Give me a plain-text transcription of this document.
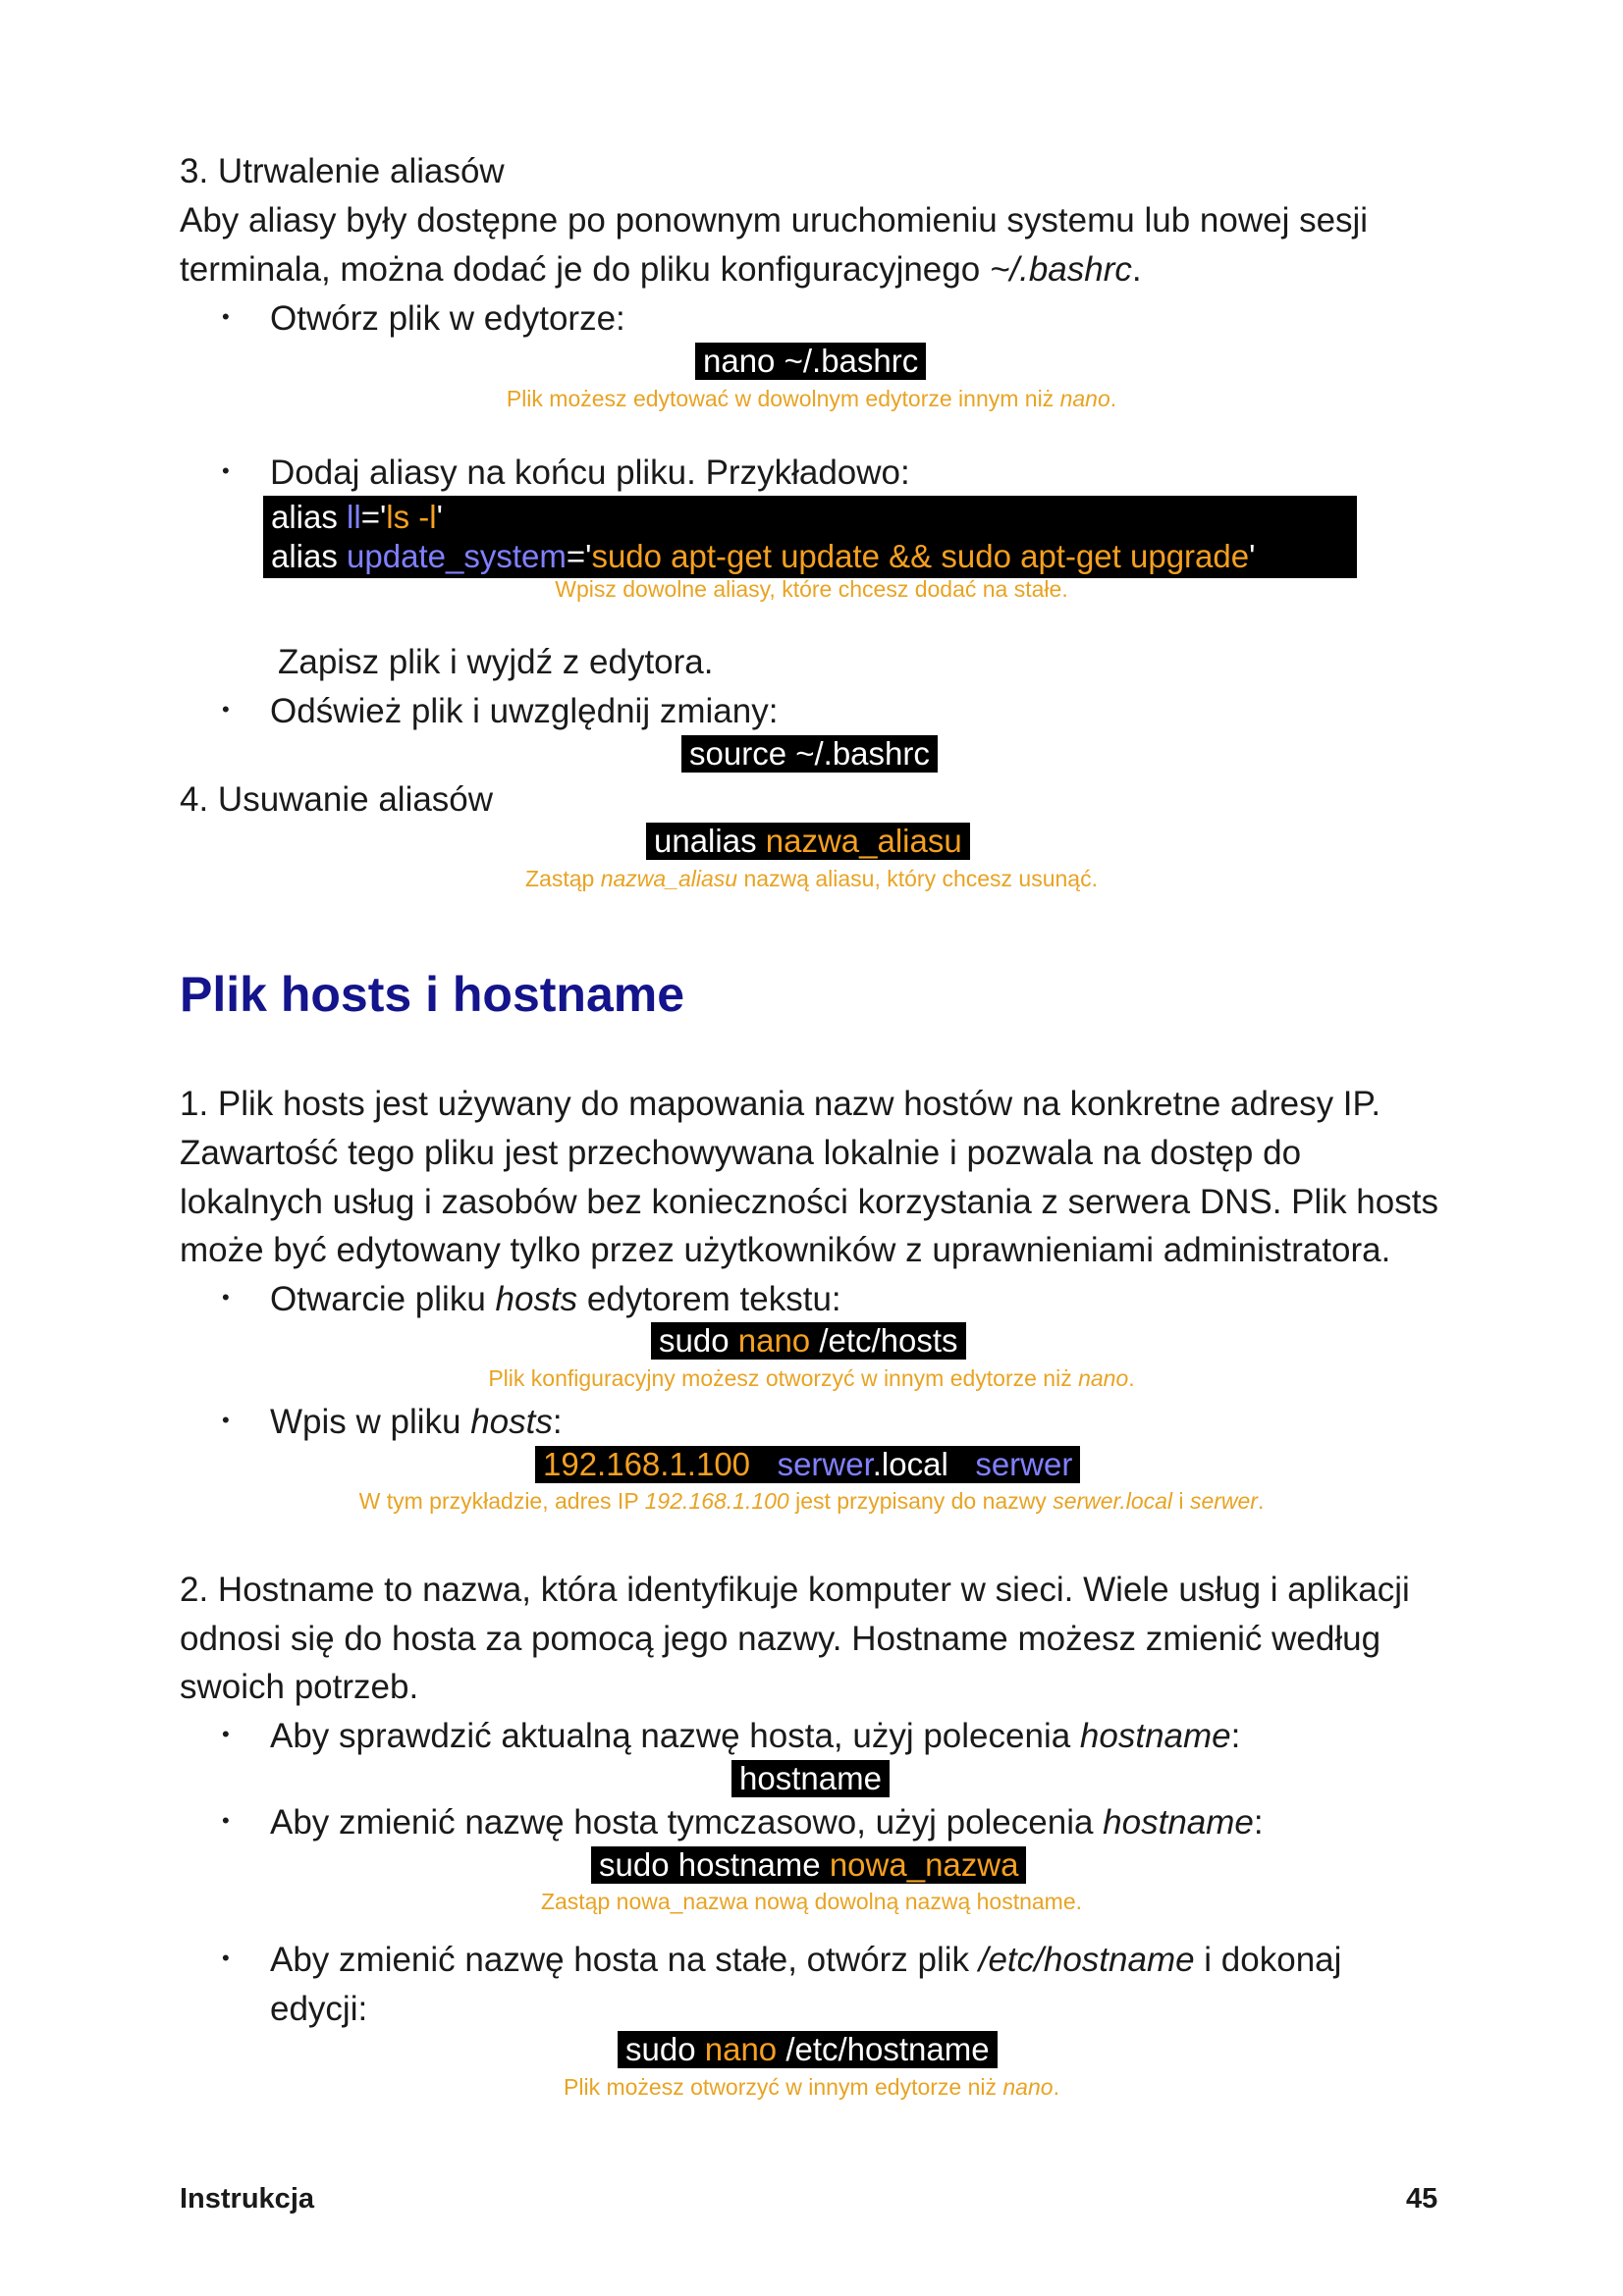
3. Utrwalenie aliasów
Aby aliasy były dostępne po ponownym uruchomieniu systemu lub nowej sesji
terminala, można dodać je do pliku konfiguracyjnego ~/.bashrc.
• Otwórz plik w edytorze:
nano ~/.bashrc
Plik możesz edytować w dowolnym edytorze innym niż nano.
• Dodaj aliasy na końcu pliku. Przykładowo:
alias ll='ls -l'
alias update_system='sudo apt-get update && sudo apt-get upgrade'
Wpisz dowolne aliasy, które chcesz dodać na stałe.
Zapisz plik i wyjdź z edytora.
• Odśwież plik i uwzględnij zmiany:
source ~/.bashrc
4. Usuwanie aliasów
unalias nazwa_aliasu
Zastąp nazwa_aliasu nazwą aliasu, który chcesz usunąć.
Plik hosts i hostname
1. Plik hosts jest używany do mapowania nazw hostów na konkretne adresy IP.
Zawartość tego pliku jest przechowywana lokalnie i pozwala na dostęp do
lokalnych usług i zasobów bez konieczności korzystania z serwera DNS. Plik hosts
może być edytowany tylko przez użytkowników z uprawnieniami administratora.
• Otwarcie pliku hosts edytorem tekstu:
sudo nano /etc/hosts
Plik konfiguracyjny możesz otworzyć w innym edytorze niż nano.
• Wpis w pliku hosts:
192.168.1.100 serwer.local serwer
W tym przykładzie, adres IP 192.168.1.100 jest przypisany do nazwy serwer.local i serwer.
2. Hostname to nazwa, która identyfikuje komputer w sieci. Wiele usług i aplikacji
odnosi się do hosta za pomocą jego nazwy. Hostname możesz zmienić według
swoich potrzeb.
• Aby sprawdzić aktualną nazwę hosta, użyj polecenia hostname:
hostname
• Aby zmienić nazwę hosta tymczasowo, użyj polecenia hostname:
sudo hostname nowa_nazwa
Zastąp nowa_nazwa nową dowolną nazwą hostname.
• Aby zmienić nazwę hosta na stałe, otwórz plik /etc/hostname i dokonaj
edycji:
sudo nano /etc/hostname
Plik możesz otworzyć w innym edytorze niż nano.
Instrukcja	45
